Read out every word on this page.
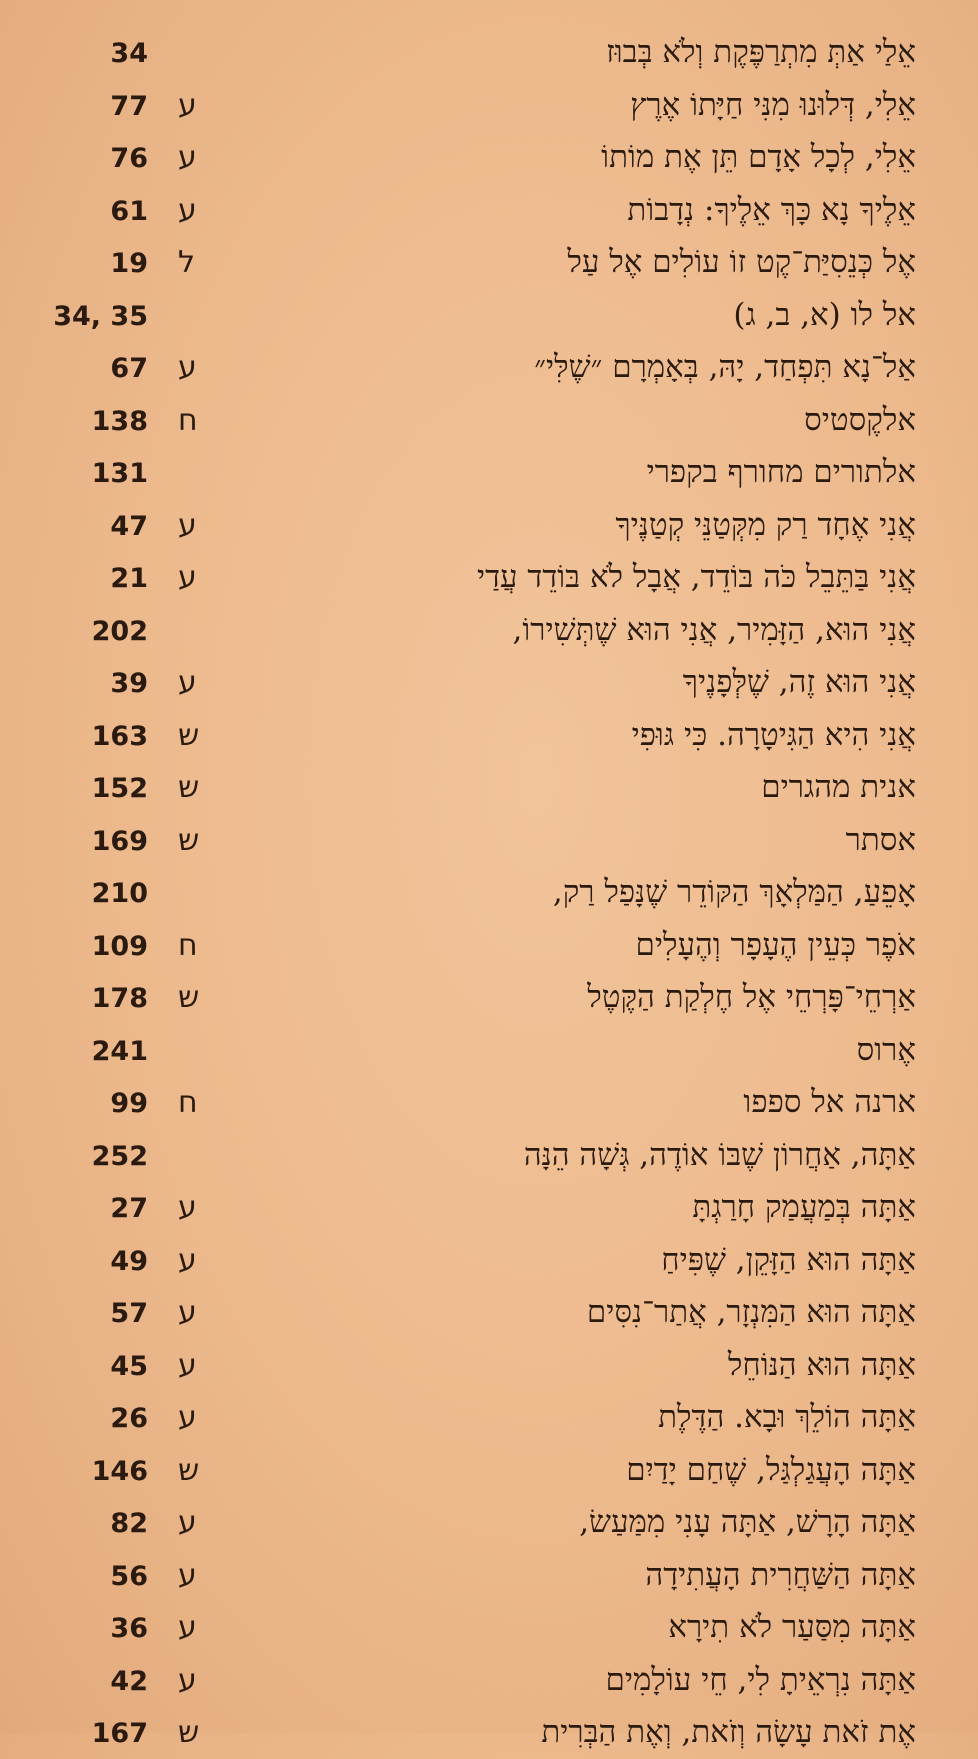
אֵלַי אַתְּ מִתְרַפֶּקֶת וְלֹא בְּבוּז
34
אֵלִי, דְּלוּנוּ מִנִּי חַיָּתוֹ אֶרֶץ
ע
77
אֵלִי, לְכָל אָדָם תֵּן אֶת מוֹתוֹ
ע
76
אֵלֶיךָ נָא כָּךְ אֵלֶיךָ: נְדָבוֹת
ע
61
אֶל כְּנֵסִיַּת־קֶט זוֹ עוֹלִים אֶל עַל
ל
19
אל לו (א, ב, ג)
34, 35
אַל־נָא תִּפְחַד, יָהּ, בְּאָמְרָם ״שֶׁלִּי״
ע
67
אלקֶסטיס
ח
138
אלתורים מחורף בקפרי
131
אֲנִי אֶחָד רַק מִקְּטַנֵּי קְטַנֶּיךָ
ע
47
אֲנִי בַּתֵּבֵל כֹּה בּוֹדֵד, אֲבָל לֹא בּוֹדֵד עֲדַי
ע
21
אֲנִי הוּא, הַזָּמִיר, אֲנִי הוּא שֶׁתְּשִׁירוֹ,
202
אֲנִי הוּא זֶה, שֶׁלְּפָנֶיךָ
ע
39
אֲנִי הִיא הַגִּיטָרָה. כִּי גּוּפִי
ש
163
אנית מהגרים
ש
152
אסתר
ש
169
אָפֵעַ, הַמַּלְאָךְ הַקּוֹדֵר שֶׁנָּפַל רַק,
210
אֹפֶר כְּעֵין הֶעָפָר וְהֶעָלִים
ח
109
אַרְחֵי־פָּרְחֵי אֶל חֶלְקַת הַקֶּטֶל
ש
178
אֶרוס
241
ארנה אל ספפו
ח
99
אַתָּה, אַחֲרוֹן שֶׁבּוֹ אוֹדֶה, גְּשָׁה הֵנָּה
252
אַתָּה בְּמַעֲמַק חָרַגְתָּ
ע
27
אַתָּה הוּא הַזָּקֵן, שֶׁפִּיחַ
ע
49
אַתָּה הוּא הַמִּנְזָר, אֲתַר־נִסִּים
ע
57
אַתָּה הוּא הַנּוֹחֵל
ע
45
אַתָּה הוֹלֵךְ וּבָא. הַדֶּלֶת
ע
26
אַתָּה הָעֲגַלְגַּל, שֶׁחַם יָדַיִם
ש
146
אַתָּה הָרָשׁ, אַתָּה עָנִי מִמַּעַשׂ,
ע
82
אַתָּה הַשַּׁחֲרִית הָעֲתִידָה
ע
56
אַתָּה מִסַּעַר לֹא תִירָא
ע
36
אַתָּה נִרְאֵיתָ לִי, חֵי עוֹלָמִים
ע
42
אֶת זֹאת עָשָׂה וְזֹאת, וְאֶת הַבְּרִית
ש
167
